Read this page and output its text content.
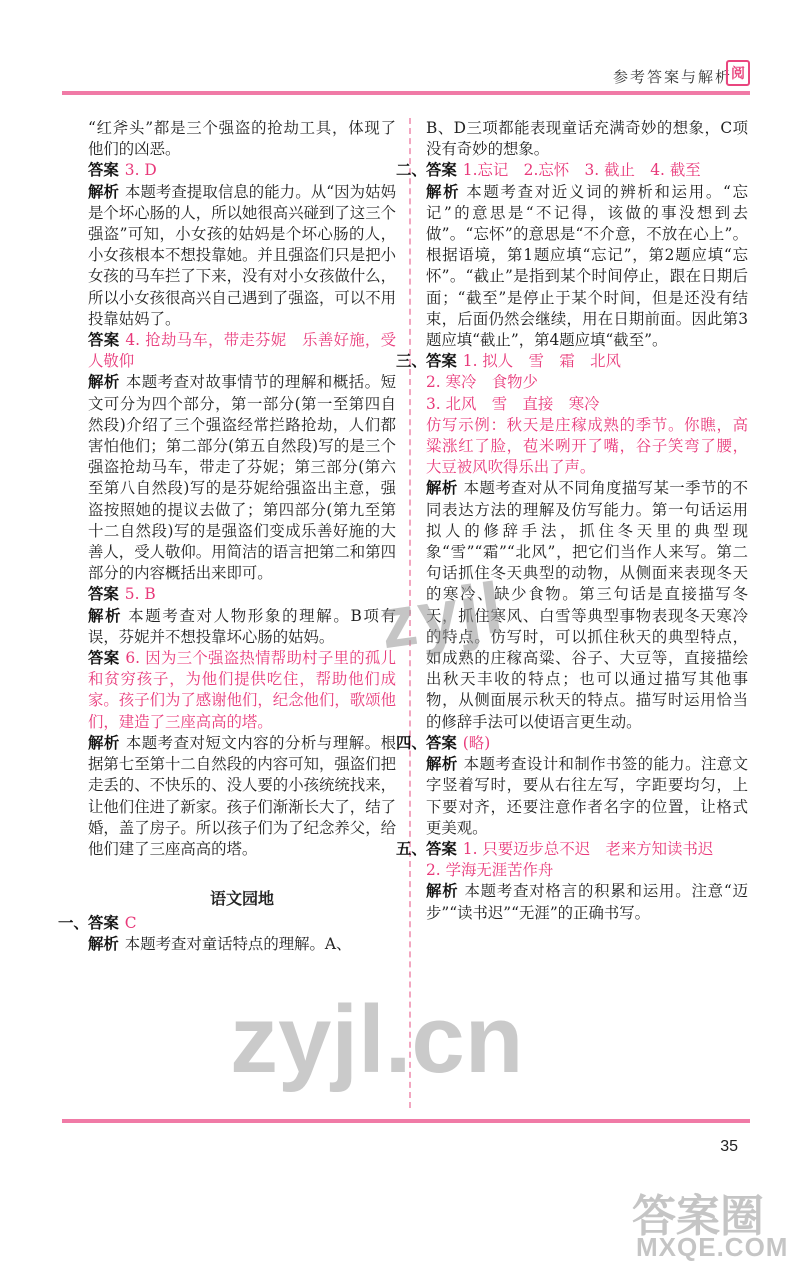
参考答案与解析 阅

“红斧头”都是三个强盗的抢劫工具，体现了他们的凶恶。

答案 3. D

解析 本题考查提取信息的能力。从“因为姑妈是个坏心肠的人，所以她很高兴碰到了这三个强盗”可知，小女孩的姑妈是个坏心肠的人，小女孩根本不想投靠她。并且强盗们只是把小女孩的马车拦了下来，没有对小女孩做什么，所以小女孩很高兴自己遇到了强盗，可以不用投靠姑妈了。

答案 4. 抢劫马车，带走芬妮　乐善好施，受人敬仰

解析 本题考查对故事情节的理解和概括。短文可分为四个部分，第一部分(第一至第四自然段)介绍了三个强盗经常拦路抢劫，人们都害怕他们；第二部分(第五自然段)写的是三个强盗抢劫马车，带走了芬妮；第三部分(第六至第八自然段)写的是芬妮给强盗出主意，强盗按照她的提议去做了；第四部分(第九至第十二自然段)写的是强盗们变成乐善好施的大善人，受人敬仰。用简洁的语言把第二和第四部分的内容概括出来即可。

答案 5. B

解析 本题考查对人物形象的理解。B项有误，芬妮并不想投靠坏心肠的姑妈。

答案 6. 因为三个强盗热情帮助村子里的孤儿和贫穷孩子，为他们提供吃住，帮助他们成家。孩子们为了感谢他们，纪念他们，歌颂他们，建造了三座高高的塔。

解析 本题考查对短文内容的分析与理解。根据第七至第十二自然段的内容可知，强盗们把走丢的、不快乐的、没人要的小孩统统找来，让他们住进了新家。孩子们渐渐长大了，结了婚，盖了房子。所以孩子们为了纪念养父，给他们建了三座高高的塔。

语文园地

一、答案 C

解析 本题考查对童话特点的理解。A、

B、D三项都能表现童话充满奇妙的想象，C项没有奇妙的想象。

二、答案 1.忘记　2.忘怀　3. 截止　4. 截至

解析 本题考查对近义词的辨析和运用。“忘记”的意思是“不记得，该做的事没想到去做”。“忘怀”的意思是“不介意，不放在心上”。根据语境，第1题应填“忘记”，第2题应填“忘怀”。“截止”是指到某个时间停止，跟在日期后面；“截至”是停止于某个时间，但是还没有结束，后面仍然会继续，用在日期前面。因此第3题应填“截止”，第4题应填“截至”。

三、答案 1. 拟人　雪　霜　北风

2. 寒冷　食物少

3. 北风　雪　直接　寒冷

仿写示例：秋天是庄稼成熟的季节。你瞧，高粱涨红了脸，苞米咧开了嘴，谷子笑弯了腰，大豆被风吹得乐出了声。

解析 本题考查对从不同角度描写某一季节的不同表达方法的理解及仿写能力。第一句话运用拟人的修辞手法，抓住冬天里的典型现象“雪”“霜”“北风”，把它们当作人来写。第二句话抓住冬天典型的动物，从侧面来表现冬天的寒冷、缺少食物。第三句话是直接描写冬天，抓住寒风、白雪等典型事物表现冬天寒冷的特点。仿写时，可以抓住秋天的典型特点，如成熟的庄稼高粱、谷子、大豆等，直接描绘出秋天丰收的特点；也可以通过描写其他事物，从侧面展示秋天的特点。描写时运用恰当的修辞手法可以使语言更生动。

四、答案 (略)

解析 本题考查设计和制作书签的能力。注意文字竖着写时，要从右往左写，字距要均匀，上下要对齐，还要注意作者名字的位置，让格式更美观。

五、答案 1. 只要迈步总不迟　老来方知读书迟

2. 学海无涯苦作舟

解析 本题考查对格言的积累和运用。注意“迈步”“读书迟”“无涯”的正确书写。

35
zyjl
zyjl.cn
答案圈
MXQE.COM
